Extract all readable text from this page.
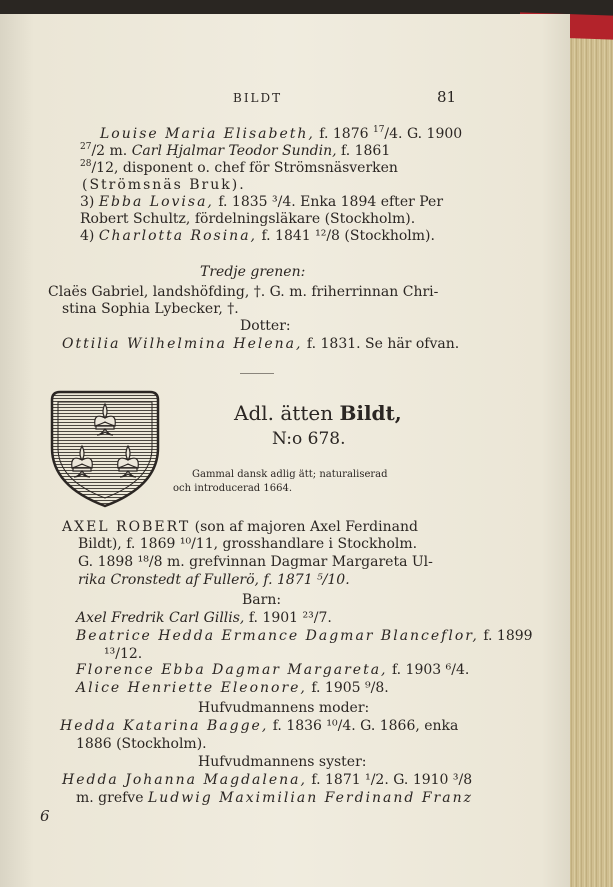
BILDT	81
Louise Maria Elisabeth, f. 1876 $^{17}$/4. G. 1900
$^{27}$/2 m. Carl Hjalmar Teodor Sundin, f. 1861
$^{28}$/12, disponent o. chef för Strömsnäsverken
(Strömsnäs Bruk).
3) Ebba Lovisa, f. 1835 ³/4. Enka 1894 efter Per
Robert Schultz, fördelningsläkare (Stockholm).
4) Charlotta Rosina, f. 1841 ¹²/8 (Stockholm).
Tredje grenen:
Claës Gabriel, landshöfding, †. G. m. friherrinnan Chri-
stina Sophia Lybecker, †.
Dotter:
Ottilia Wilhelmina Helena, f. 1831. Se här ofvan.
Adl. ätten Bildt,
N:o 678.
Gammal dansk adlig ätt; naturaliserad
och introducerad 1664.
AXEL ROBERT (son af majoren Axel Ferdinand
Bildt), f. 1869 ¹⁰/11, grosshandlare i Stockholm.
G. 1898 ¹⁸/8 m. grefvinnan Dagmar Margareta Ul-
rika Cronstedt af Fullerö, f. 1871 ⁵/10.
Barn:
Axel Fredrik Carl Gillis, f. 1901 ²³/7.
Beatrice Hedda Ermance Dagmar Blanceflor, f. 1899
¹³/12.
Florence Ebba Dagmar Margareta, f. 1903 ⁶/4.
Alice Henriette Eleonore, f. 1905 ⁹/8.
Hufvudmannens moder:
Hedda Katarina Bagge, f. 1836 ¹⁰/4. G. 1866, enka
1886 (Stockholm).
Hufvudmannens syster:
Hedda Johanna Magdalena, f. 1871 ¹/2. G. 1910 ³/8
m. grefve Ludwig Maximilian Ferdinand Franz
6
